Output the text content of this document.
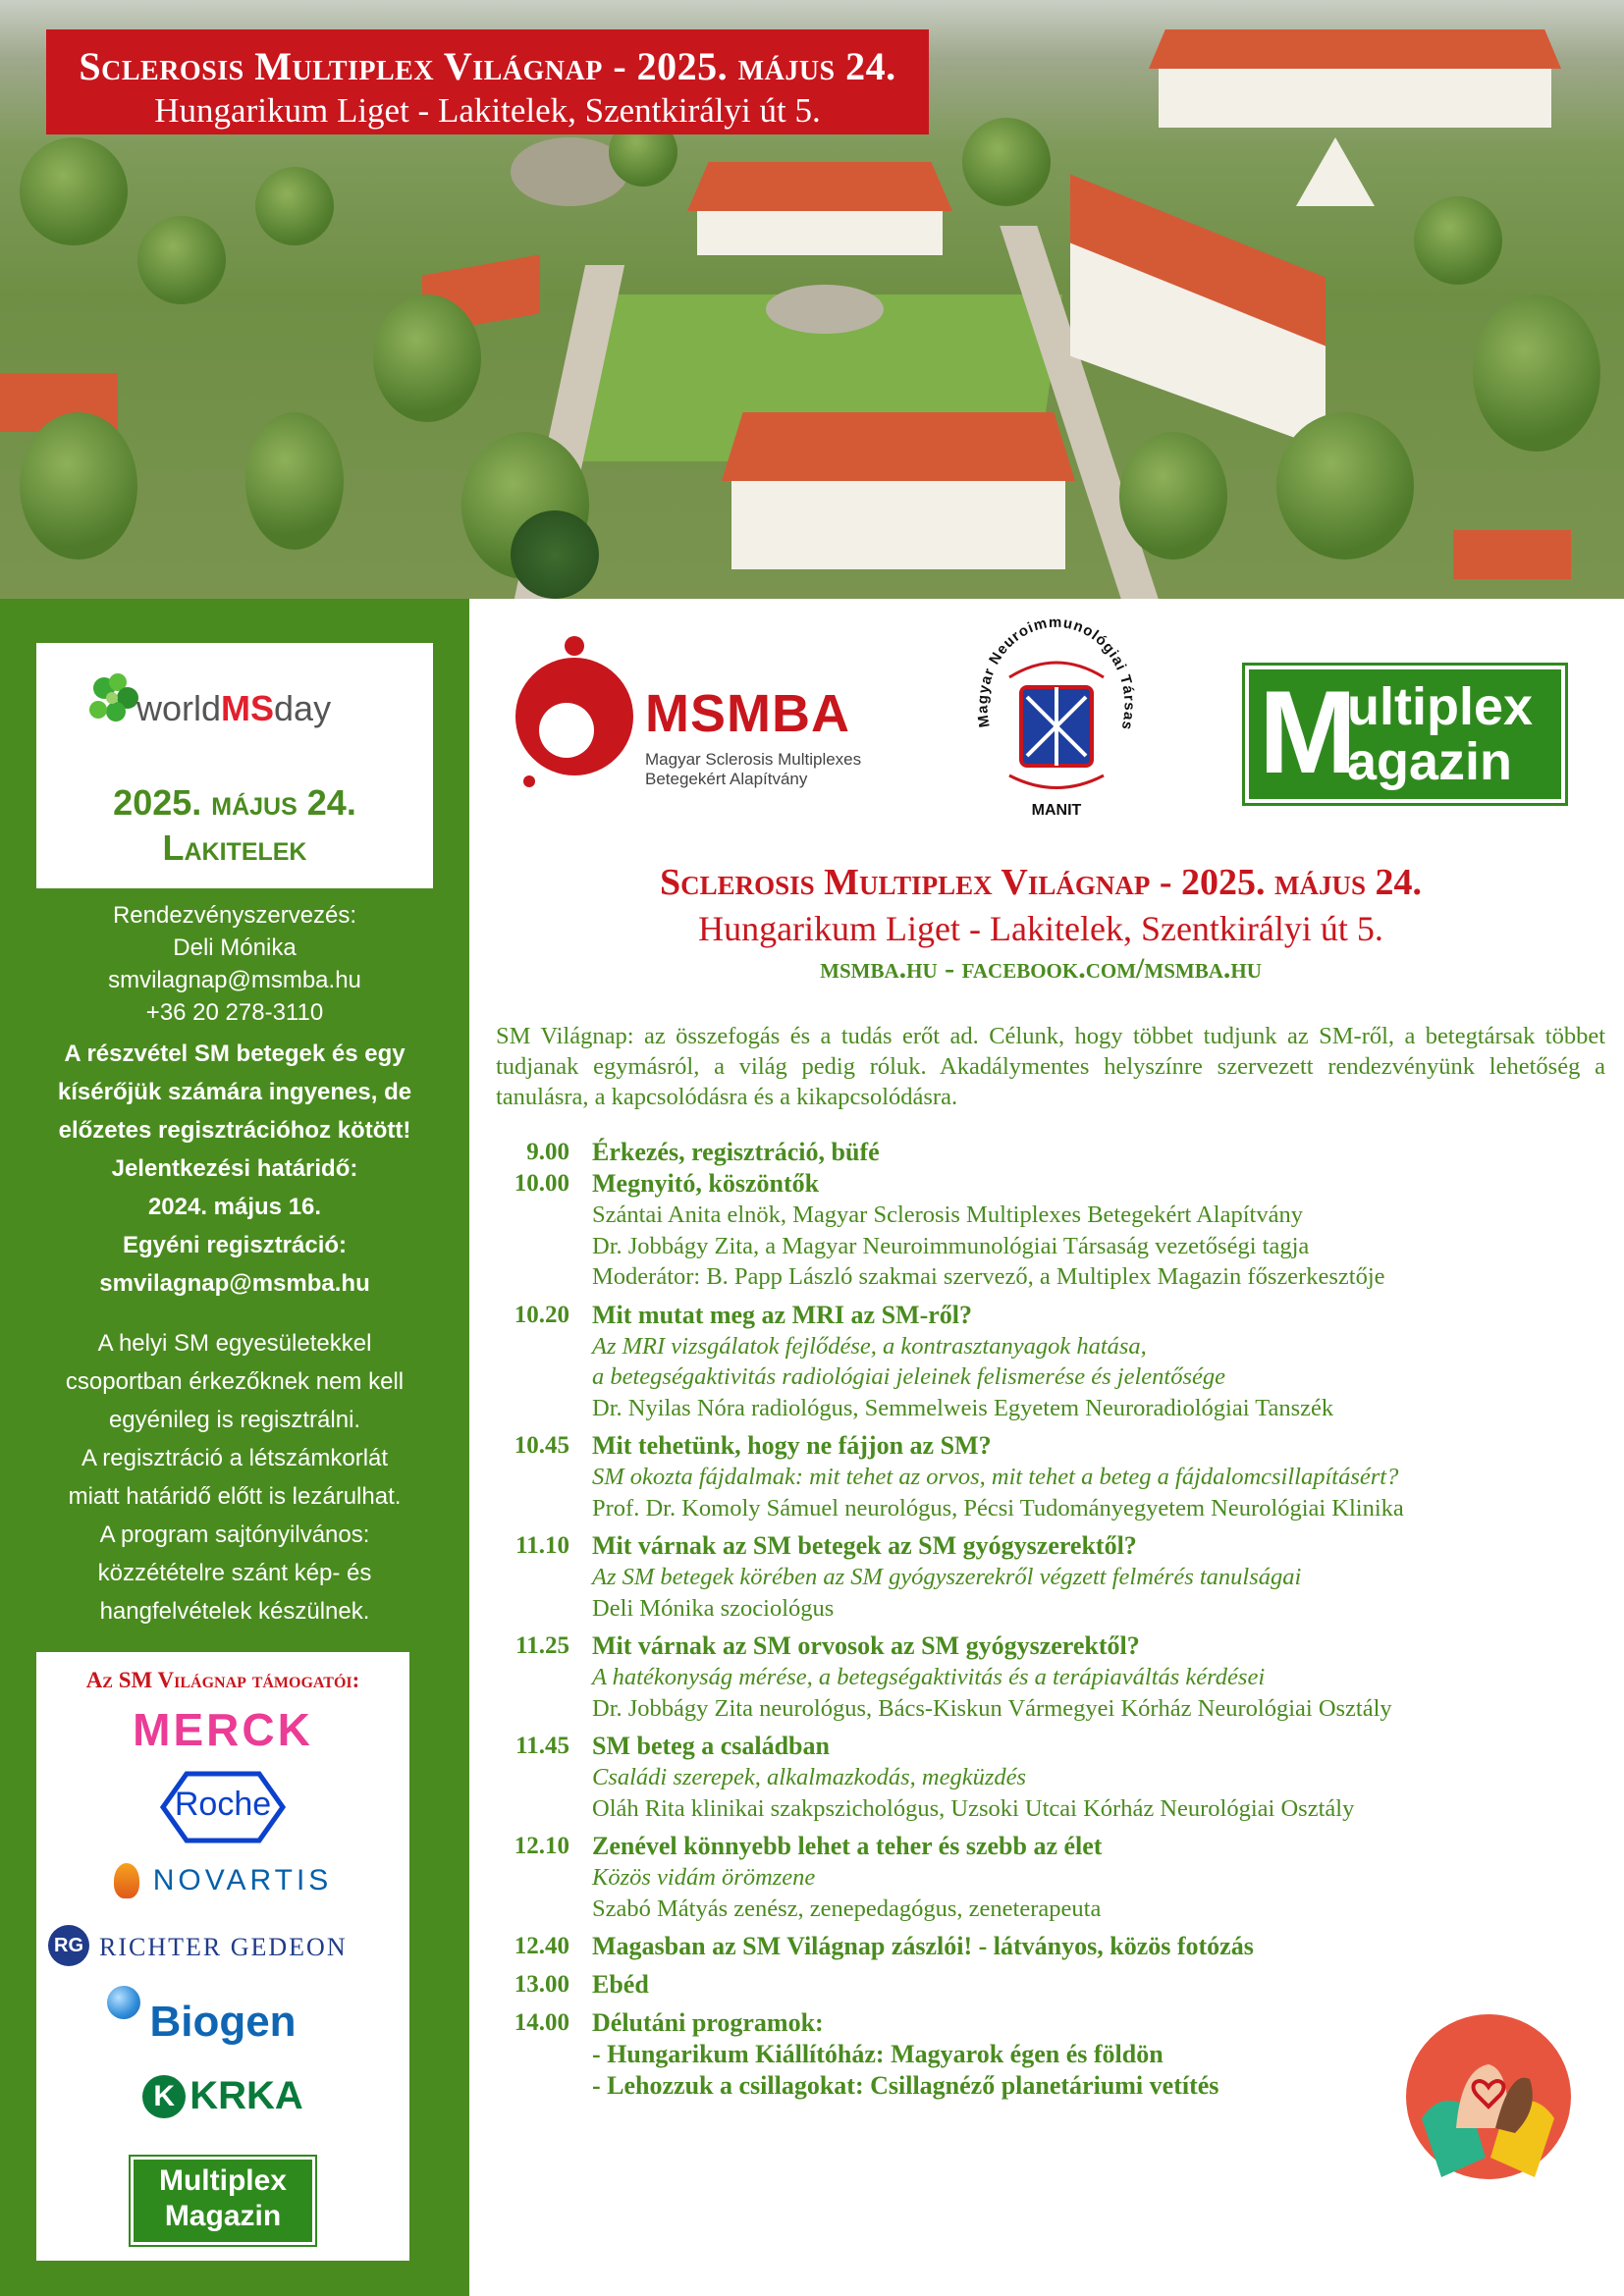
Sclerosis Multiplex Világnap - 2025. május 24.
Hungarikum Liget - Lakitelek, Szentkirályi út 5.
worldMSday
2025. május 24.
Lakitelek
Rendezvényszervezés:
Deli Mónika
smvilagnap@msmba.hu
+36 20 278-3110
A részvétel SM betegek és egy
kísérőjük számára ingyenes, de
előzetes regisztrációhoz kötött!
Jelentkezési határidő:
2024. május 16.
Egyéni regisztráció:
smvilagnap@msmba.hu
A helyi SM egyesületekkel
csoportban érkezőknek nem kell
egyénileg is regisztrálni.
A regisztráció a létszámkorlát
miatt határidő előtt is lezárulhat.
A program sajtónyilvános:
közzétételre szánt kép- és
hangfelvételek készülnek.
Az SM Világnap támogatói:
MERCK
Roche
NOVARTIS
RG RICHTER GEDEON
Biogen
K KRKA
Multiplex
Magazin
MSMBA
Magyar Sclerosis Multiplexes
Betegekért Alapítvány
Magyar Neuroimmunológiai Társas
MANIT
M
ultiplex
agazin
Sclerosis Multiplex Világnap - 2025. május 24.
Hungarikum Liget - Lakitelek, Szentkirályi út 5.
msmba.hu - facebook.com/msmba.hu
SM Világnap: az összefogás és a tudás erőt ad. Célunk, hogy többet tudjunk az SM-ről, a betegtársak többet tudjanak egymásról, a világ pedig róluk. Akadálymentes helyszínre szervezett rendezvényünk lehetőség a tanulásra, a kapcsolódásra és a kikapcsolódásra.
9.00 Érkezés, regisztráció, büfé
10.00 Megnyitó, köszöntők
Szántai Anita elnök, Magyar Sclerosis Multiplexes Betegekért Alapítvány
Dr. Jobbágy Zita, a Magyar Neuroimmunológiai Társaság vezetőségi tagja
Moderátor: B. Papp László szakmai szervező, a Multiplex Magazin főszerkesztője
10.20 Mit mutat meg az MRI az SM-ről?
Az MRI vizsgálatok fejlődése, a kontrasztanyagok hatása,
a betegségaktivitás radiológiai jeleinek felismerése és jelentősége
Dr. Nyilas Nóra radiológus, Semmelweis Egyetem Neuroradiológiai Tanszék
10.45 Mit tehetünk, hogy ne fájjon az SM?
SM okozta fájdalmak: mit tehet az orvos, mit tehet a beteg a fájdalomcsillapításért?
Prof. Dr. Komoly Sámuel neurológus, Pécsi Tudományegyetem Neurológiai Klinika
11.10 Mit várnak az SM betegek az SM gyógyszerektől?
Az SM betegek körében az SM gyógyszerekről végzett felmérés tanulságai
Deli Mónika szociológus
11.25 Mit várnak az SM orvosok az SM gyógyszerektől?
A hatékonyság mérése, a betegségaktivitás és a terápiaváltás kérdései
Dr. Jobbágy Zita neurológus, Bács-Kiskun Vármegyei Kórház Neurológiai Osztály
11.45 SM beteg a családban
Családi szerepek, alkalmazkodás, megküzdés
Oláh Rita klinikai szakpszichológus, Uzsoki Utcai Kórház Neurológiai Osztály
12.10 Zenével könnyebb lehet a teher és szebb az élet
Közös vidám örömzene
Szabó Mátyás zenész, zenepedagógus, zeneterapeuta
12.40 Magasban az SM Világnap zászlói! - látványos, közös fotózás
13.00 Ebéd
14.00 Délutáni programok:
- Hungarikum Kiállítóház: Magyarok égen és földön
- Lehozzuk a csillagokat: Csillagnéző planetáriumi vetítés
